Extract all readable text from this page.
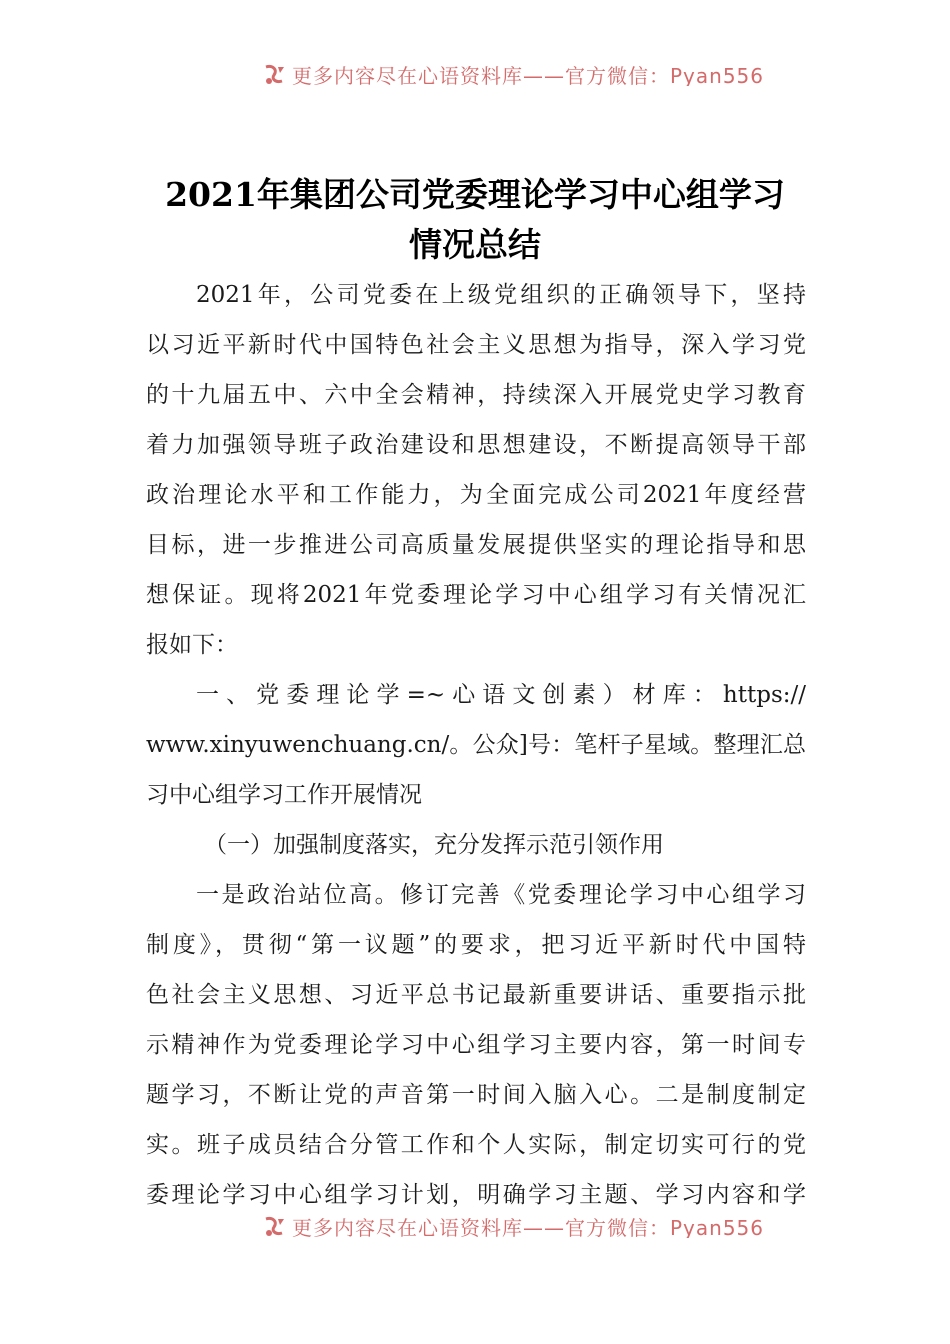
更多内容尽在心语资料库——官方微信：Pyan556
2021年集团公司党委理论学习中心组学习
情况总结
2021年，公司党委在上级党组织的正确领导下，坚持
以习近平新时代中国特色社会主义思想为指导，深入学习党
的十九届五中、六中全会精神，持续深入开展党史学习教育
着力加强领导班子政治建设和思想建设，不断提高领导干部
政治理论水平和工作能力，为全面完成公司2021年度经营
目标，进一步推进公司高质量发展提供坚实的理论指导和思
想保证。现将2021年党委理论学习中心组学习有关情况汇
报如下：
一、党委理论学=~心语文创素）材库：https://
www.xinyuwenchuang.cn/。公众]号：笔杆子星域。整理汇总
习中心组学习工作开展情况
（一）加强制度落实，充分发挥示范引领作用
一是政治站位高。修订完善《党委理论学习中心组学习
制度》，贯彻“第一议题”的要求，把习近平新时代中国特
色社会主义思想、习近平总书记最新重要讲话、重要指示批
示精神作为党委理论学习中心组学习主要内容，第一时间专
题学习，不断让党的声音第一时间入脑入心。二是制度制定
实。班子成员结合分管工作和个人实际，制定切实可行的党
委理论学习中心组学习计划，明确学习主题、学习内容和学
更多内容尽在心语资料库——官方微信：Pyan556
